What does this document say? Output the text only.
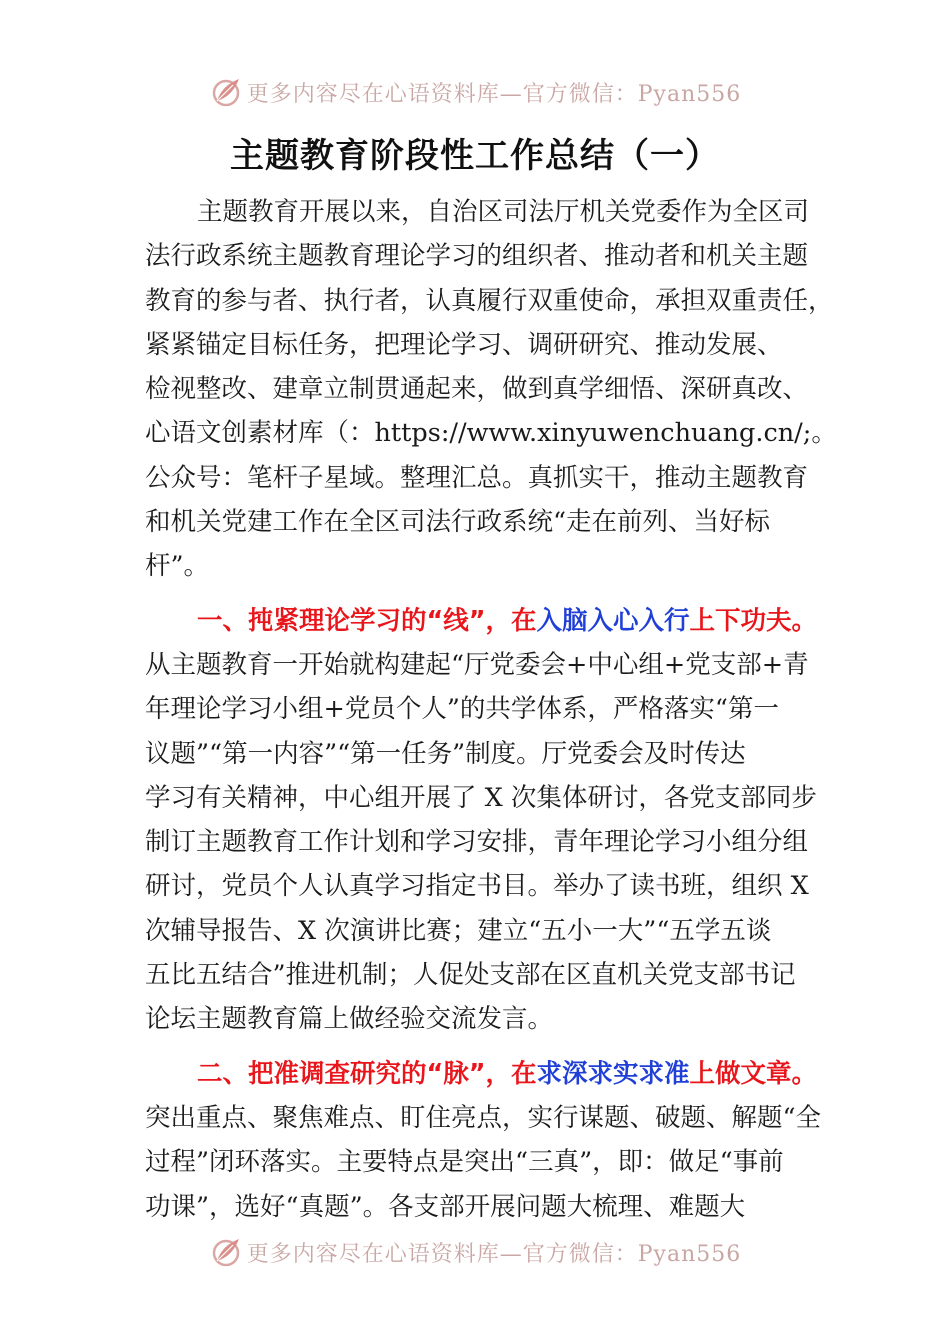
更多内容尽在心语资料库—官方微信：Pyan556
主题教育阶段性工作总结（一）
主题教育开展以来，自治区司法厅机关党委作为全区司
法行政系统主题教育理论学习的组织者、推动者和机关主题
教育的参与者、执行者，认真履行双重使命，承担双重责任，
紧紧锚定目标任务，把理论学习、调研研究、推动发展、
检视整改、建章立制贯通起来，做到真学细悟、深研真改、
心语文创素材库（：https://www.xinyuwenchuang.cn/;。
公众号：笔杆子星域。整理汇总。真抓实干，推动主题教育
和机关党建工作在全区司法行政系统“走在前列、当好标
杆”。
一、扽紧理论学习的“线”，在入脑入心入行上下功夫。
从主题教育一开始就构建起“厅党委会+中心组+党支部+青
年理论学习小组+党员个人”的共学体系，严格落实“第一
议题”“第一内容”“第一任务”制度。厅党委会及时传达
学习有关精神，中心组开展了 X 次集体研讨，各党支部同步
制订主题教育工作计划和学习安排，青年理论学习小组分组
研讨，党员个人认真学习指定书目。举办了读书班，组织 X
次辅导报告、X 次演讲比赛；建立“五小一大”“五学五谈
五比五结合”推进机制；人促处支部在区直机关党支部书记
论坛主题教育篇上做经验交流发言。
二、把准调查研究的“脉”，在求深求实求准上做文章。
突出重点、聚焦难点、盯住亮点，实行谋题、破题、解题“全
过程”闭环落实。主要特点是突出“三真”，即：做足“事前
功课”，选好“真题”。各支部开展问题大梳理、难题大
更多内容尽在心语资料库—官方微信：Pyan556
